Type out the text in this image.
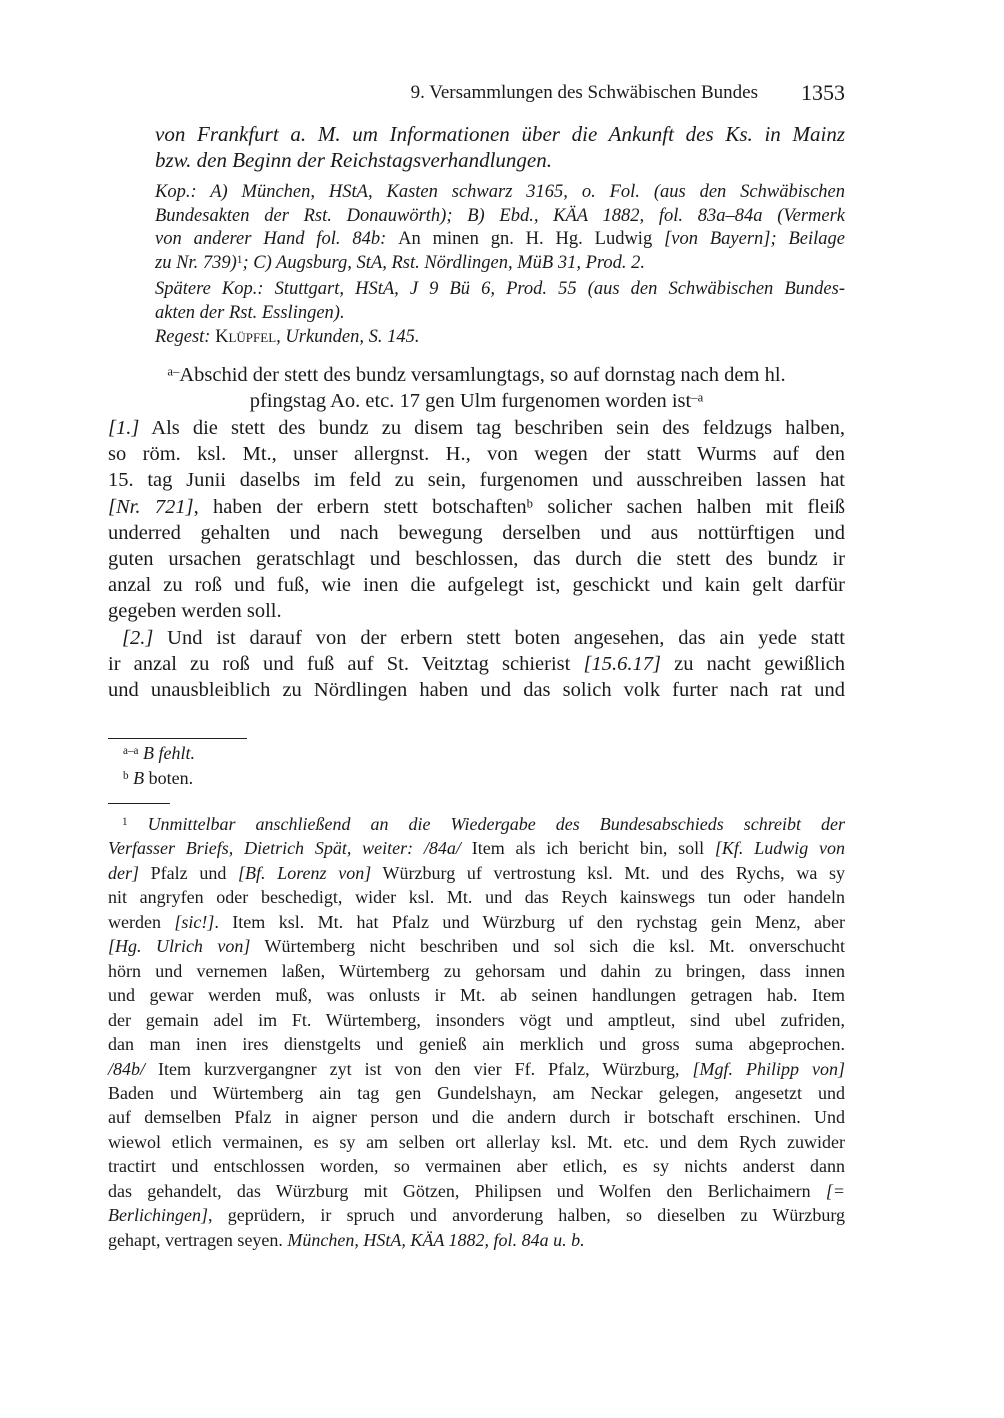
9. Versammlungen des Schwäbischen Bundes 1353
von Frankfurt a. M. um Informationen über die Ankunft des Ks. in Mainz
bzw. den Beginn der Reichstagsverhandlungen.
Kop.: A) München, HStA, Kasten schwarz 3165, o. Fol. (aus den Schwäbischen
Bundesakten der Rst. Donauwörth); B) Ebd., KÄA 1882, fol. 83a–84a (Vermerk
von anderer Hand fol. 84b: An minen gn. H. Hg. Ludwig [von Bayern]; Beilage
zu Nr. 739)$^1$; C) Augsburg, StA, Rst. Nördlingen, MüB 31, Prod. 2.
Spätere Kop.: Stuttgart, HStA, J 9 Bü 6, Prod. 55 (aus den Schwäbischen Bundes-
akten der Rst. Esslingen).
Regest: Klüpfel, Urkunden, S. 145.
$^{a-}$Abschid der stett des bundz versamlungtags, so auf dornstag nach dem hl.
pfingstag Ao. etc. 17 gen Ulm furgenomen worden ist$^{-a}$
[1.] Als die stett des bundz zu disem tag beschriben sein des feldzugs halben,
so röm. ksl. Mt., unser allergnst. H., von wegen der statt Wurms auf den
15. tag Junii daselbs im feld zu sein, furgenomen und ausschreiben lassen hat
[Nr. 721], haben der erbern stett botschaften$^b$ solicher sachen halben mit fleiß
underred gehalten und nach bewegung derselben und aus nottürftigen und
guten ursachen geratschlagt und beschlossen, das durch die stett des bundz ir
anzal zu roß und fuß, wie inen die aufgelegt ist, geschickt und kain gelt darfür
gegeben werden soll.
[2.] Und ist darauf von der erbern stett boten angesehen, das ain yede statt
ir anzal zu roß und fuß auf St. Veitztag schierist [15.6.17] zu nacht gewißlich
und unausbleiblich zu Nördlingen haben und das solich volk furter nach rat und
$^{a-a}$ B fehlt.
$^b$ B boten.
$^1$ Unmittelbar anschließend an die Wiedergabe des Bundesabschieds schreibt der
Verfasser Briefs, Dietrich Spät, weiter: /84a/ Item als ich bericht bin, soll [Kf. Ludwig von
der] Pfalz und [Bf. Lorenz von] Würzburg uf vertrostung ksl. Mt. und des Rychs, wa sy
nit angryfen oder beschedigt, wider ksl. Mt. und das Reych kainswegs tun oder handeln
werden [sic!]. Item ksl. Mt. hat Pfalz und Würzburg uf den rychstag gein Menz, aber
[Hg. Ulrich von] Würtemberg nicht beschriben und sol sich die ksl. Mt. onverschucht
hörn und vernemen laßen, Würtemberg zu gehorsam und dahin zu bringen, dass innen
und gewar werden muß, was onlusts ir Mt. ab seinen handlungen getragen hab. Item
der gemain adel im Ft. Würtemberg, insonders vögt und amptleut, sind ubel zufriden,
dan man inen ires dienstgelts und genieß ain merklich und gross suma abgeprochen.
/84b/ Item kurzvergangner zyt ist von den vier Ff. Pfalz, Würzburg, [Mgf. Philipp von]
Baden und Würtemberg ain tag gen Gundelshayn, am Neckar gelegen, angesetzt und
auf demselben Pfalz in aigner person und die andern durch ir botschaft erschinen. Und
wiewol etlich vermainen, es sy am selben ort allerlay ksl. Mt. etc. und dem Rych zuwider
tractirt und entschlossen worden, so vermainen aber etlich, es sy nichts anderst dann
das gehandelt, das Würzburg mit Götzen, Philipsen und Wolfen den Berlichaimern [=
Berlichingen], geprüdern, ir spruch und anvorderung halben, so dieselben zu Würzburg
gehapt, vertragen seyen. München, HStA, KÄA 1882, fol. 84a u. b.
